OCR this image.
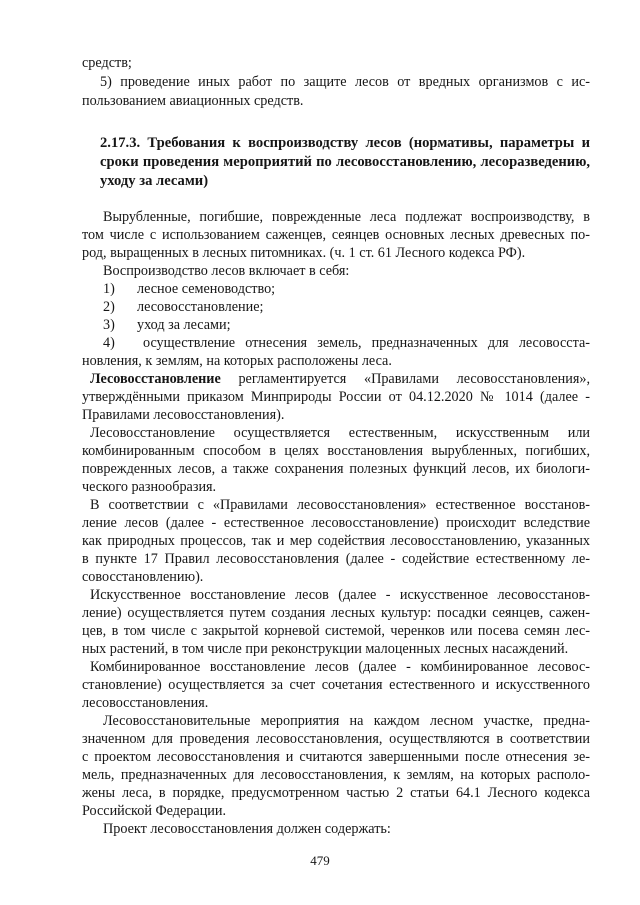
средств;
5) проведение иных работ по защите лесов от вредных организмов с ис-
пользованием авиационных средств.
2.17.3. Требования к воспроизводству лесов (нормативы, параметры и
сроки проведения мероприятий по лесовосстановлению, лесоразведению,
уходу за лесами)
Вырубленные, погибшие, поврежденные леса подлежат воспроизводству, в
том числе с использованием саженцев, сеянцев основных лесных древесных по-
род, выращенных в лесных питомниках. (ч. 1 ст. 61 Лесного кодекса РФ).
Воспроизводство лесов включает в себя:
1) лесное семеноводство;
2) лесовосстановление;
3) уход за лесами;
4) осуществление отнесения земель, предназначенных для лесовосста-
новления, к землям, на которых расположены леса.
Лесовосстановление регламентируется «Правилами лесовосстановления»,
утверждёнными приказом Минприроды России от 04.12.2020 № 1014 (далее -
Правилами лесовосстановления).
Лесовосстановление осуществляется естественным, искусственным или
комбинированным способом в целях восстановления вырубленных, погибших,
поврежденных лесов, а также сохранения полезных функций лесов, их биологи-
ческого разнообразия.
В соответствии с «Правилами лесовосстановления» естественное восстанов-
ление лесов (далее - естественное лесовосстановление) происходит вследствие
как природных процессов, так и мер содействия лесовосстановлению, указанных
в пункте 17 Правил лесовосстановления (далее - содействие естественному ле-
совосстановлению).
Искусственное восстановление лесов (далее - искусственное лесовосстанов-
ление) осуществляется путем создания лесных культур: посадки сеянцев, сажен-
цев, в том числе с закрытой корневой системой, черенков или посева семян лес-
ных растений, в том числе при реконструкции малоценных лесных насаждений.
Комбинированное восстановление лесов (далее - комбинированное лесовос-
становление) осуществляется за счет сочетания естественного и искусственного
лесовосстановления.
Лесовосстановительные мероприятия на каждом лесном участке, предна-
значенном для проведения лесовосстановления, осуществляются в соответствии
с проектом лесовосстановления и считаются завершенными после отнесения зе-
мель, предназначенных для лесовосстановления, к землям, на которых располо-
жены леса, в порядке, предусмотренном частью 2 статьи 64.1 Лесного кодекса
Российской Федерации.
Проект лесовосстановления должен содержать:
479
